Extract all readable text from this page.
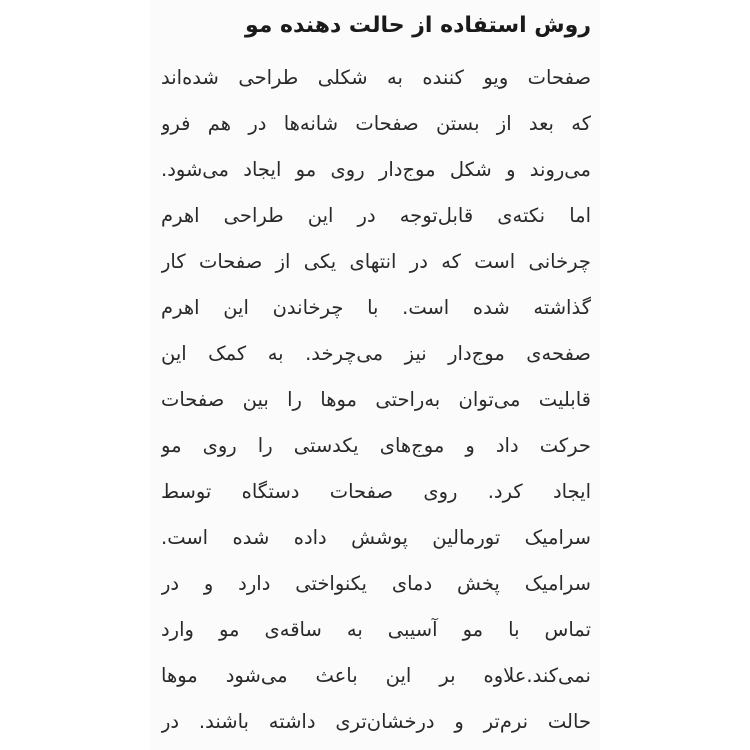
روش استفاده از حالت دهنده مو
صفحات ویو کننده به شکلی طراحی شده‌اند
که بعد از بستن صفحات شانه‌ها در هم فرو
می‌روند و شکل موج‌دار روی مو ایجاد می‌شود.
اما نکته‌ی قابل‌توجه در این طراحی اهرم
چرخانی است که در انتهای یکی از صفحات کار
گذاشته شده است. با چرخاندن این اهرم
صفحه‌ی موج‌دار نیز می‌چرخد. به کمک این
قابلیت می‌توان به‌راحتی موها را بین صفحات
حرکت داد و موج‌های یکدستی را روی مو
ایجاد کرد. روی صفحات دستگاه توسط
سرامیک تورمالین پوشش داده شده است.
سرامیک پخش دمای یکنواختی دارد و در
تماس با مو آسیبی به ساقه‌ی مو وارد
نمی‌کند.علاوه بر این باعث می‌شود موها
حالت نرم‌تر و درخشان‌تری داشته باشند. در
